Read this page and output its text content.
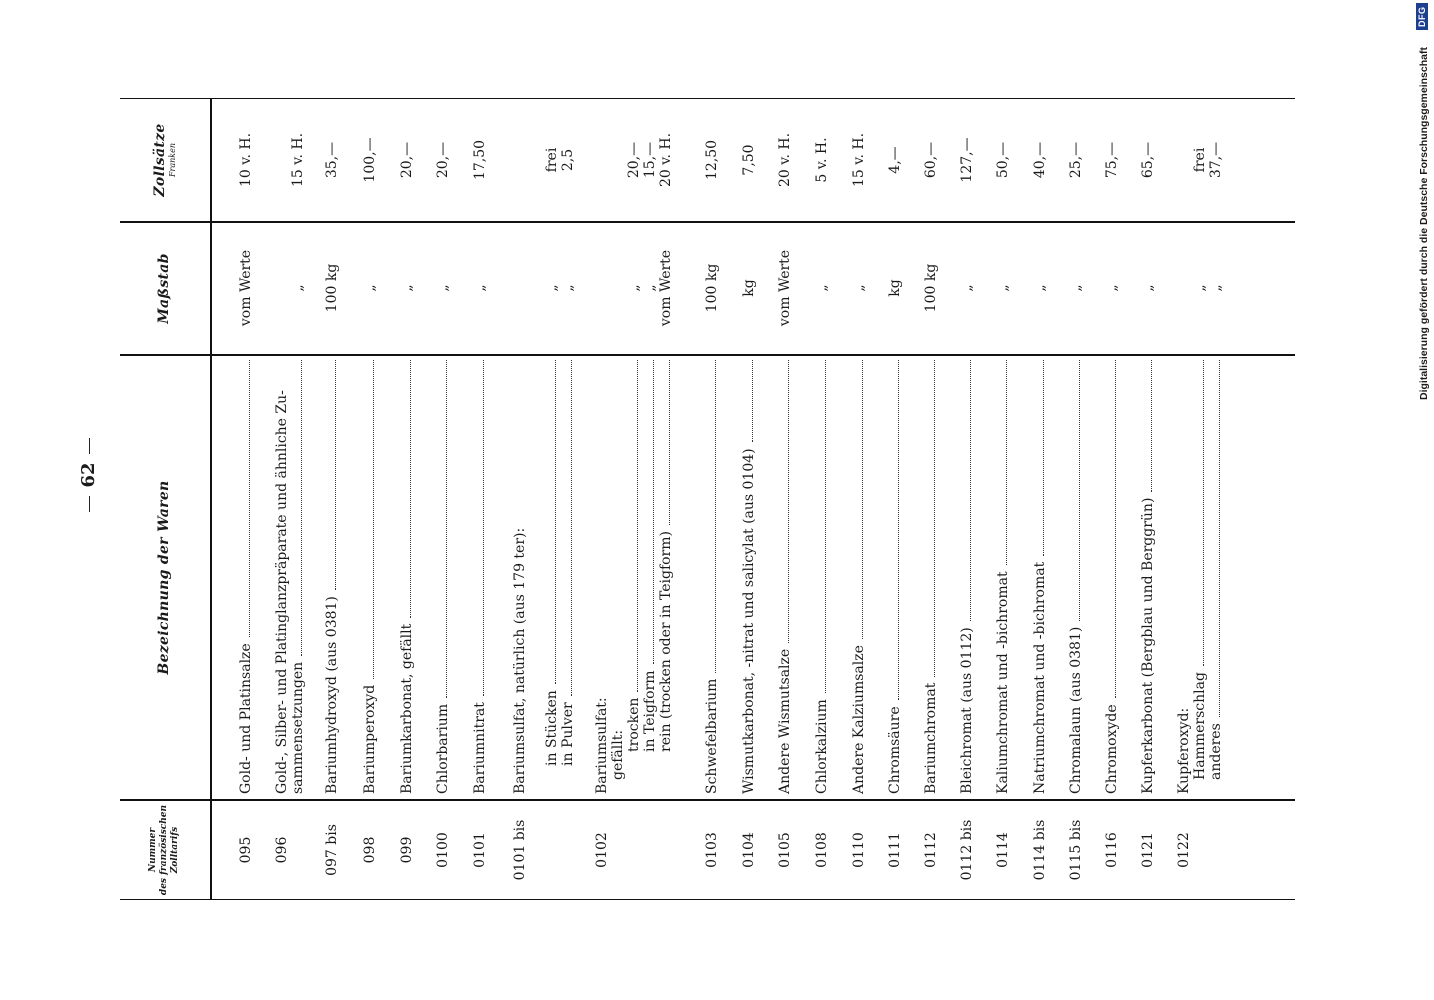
Digitalisierung gefördert durch die Deutsche Forschungsgemeinschaft
DFG
62
Nummer des französischen Zolltarifs
Bezeichnung der Waren
Maßstab
Zollsätze Franken
095
Gold- und Platinsalze
vom Werte
10 v. H.
096
Gold-, Silber- und Platinglanzpräparate und ähnliche Zu- sammensetzungen
„
15 v. H.
097 bis
Bariumhydroxyd (aus 0381)
100 kg
35,—
098
Bariumperoxyd
„
100,—
099
Bariumkarbonat, gefällt
„
20,—
0100
Chlorbarium
„
20,—
0101
Bariumnitrat
„
17,50
0101 bis
Bariumsulfat, natürlich (aus 179 ter): in Stücken in Pulver
„ „
frei 2,5
0102
Bariumsulfat: gefällt:
trocken in Teigform rein (trocken oder in Teigform)
„ „ vom Werte
20,— 15,— 20 v. H.
0103
Schwefelbarium
100 kg
12,50
0104
Wismutkarbonat, -nitrat und salicylat (aus 0104)
kg
7,50
0105
Andere Wismutsalze
vom Werte
20 v. H.
0108
Chlorkalzium
„
5 v. H.
0110
Andere Kalziumsalze
„
15 v. H.
0111
Chromsäure
kg
4,—
0112
Bariumchromat
100 kg
60,—
0112 bis
Bleichromat (aus 0112)
„
127,—
0114
Kaliumchromat und -bichromat
„
50,—
0114 bis
Natriumchromat und -bichromat
„
40,—
0115 bis
Chromalaun (aus 0381)
„
25,—
0116
Chromoxyde
„
75,—
0121
Kupferkarbonat (Bergblau und Berggrün)
„
65,—
0122
Kupferoxyd: Hammerschlag anderes
„ „
frei 37,—
